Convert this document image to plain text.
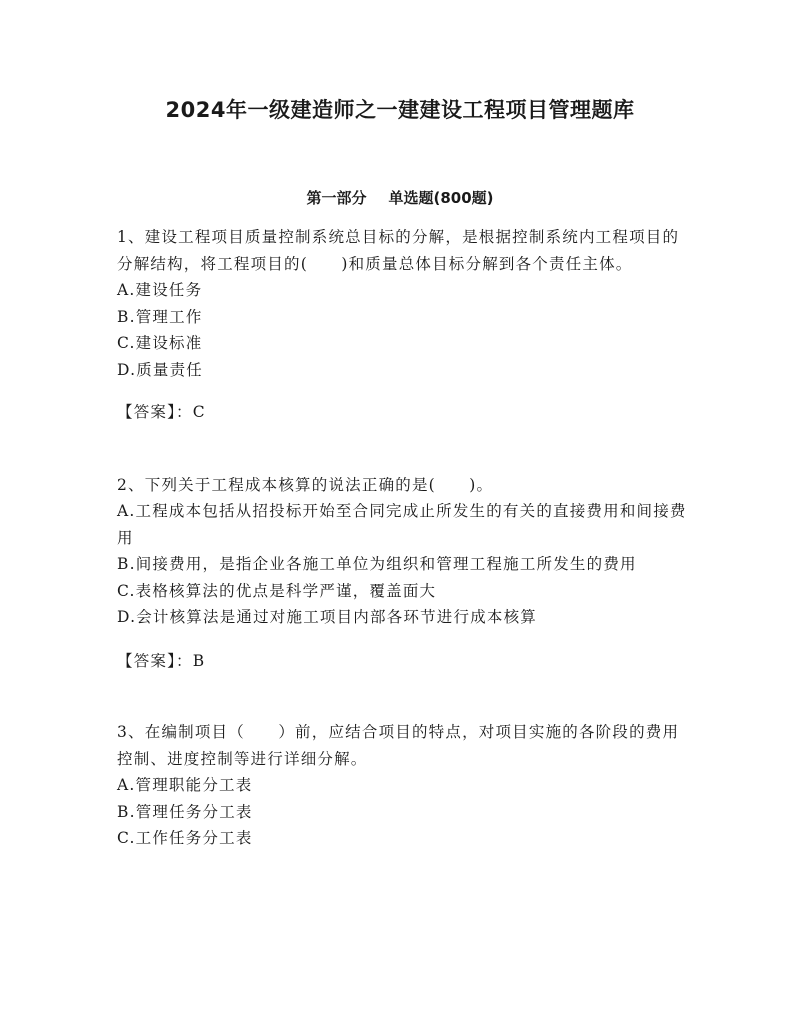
2024年一级建造师之一建建设工程项目管理题库
第一部分 单选题(800题)

1、建设工程项目质量控制系统总目标的分解，是根据控制系统内工程项目的分解结构，将工程项目的(　　)和质量总体目标分解到各个责任主体。

A.建设任务

B.管理工作

C.建设标准

D.质量责任

【答案】：C

2、下列关于工程成本核算的说法正确的是(　　)。

A.工程成本包括从招投标开始至合同完成止所发生的有关的直接费用和间接费用

B.间接费用，是指企业各施工单位为组织和管理工程施工所发生的费用

C.表格核算法的优点是科学严谨，覆盖面大

D.会计核算法是通过对施工项目内部各环节进行成本核算

【答案】：B

3、在编制项目（　　）前，应结合项目的特点，对项目实施的各阶段的费用控制、进度控制等进行详细分解。

A.管理职能分工表

B.管理任务分工表

C.工作任务分工表
